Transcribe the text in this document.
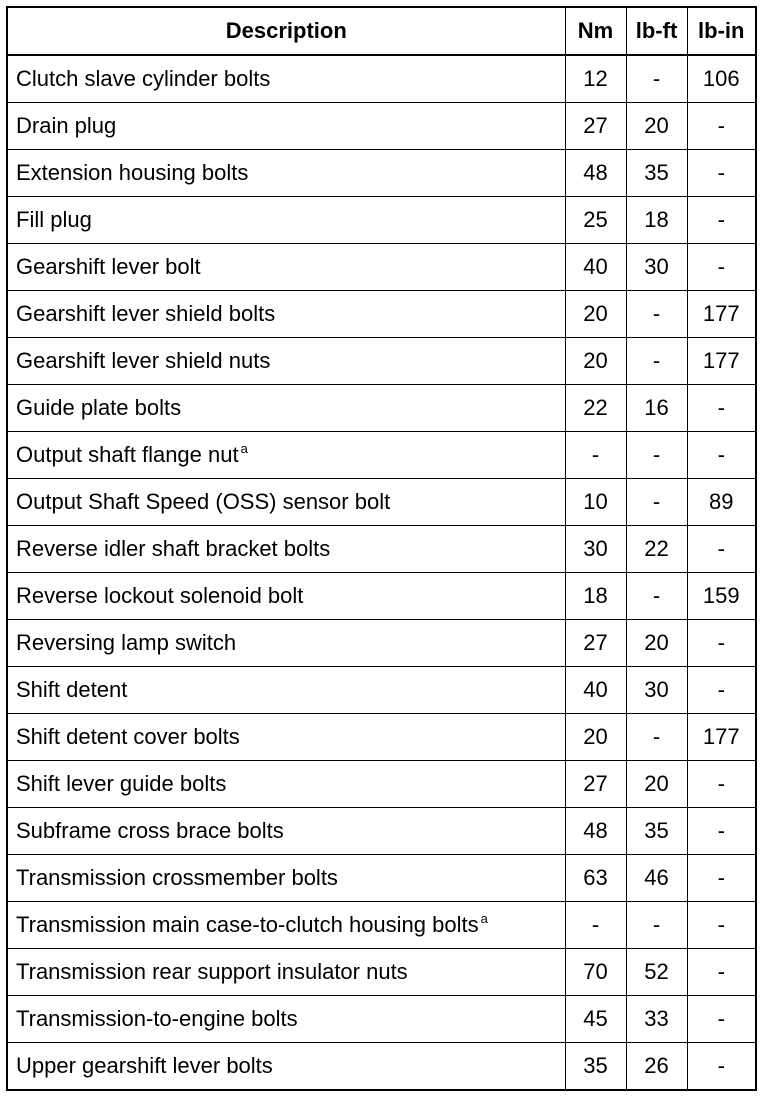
Description	Nm	lb-ft	lb-in
Clutch slave cylinder bolts	12	-	106
Drain plug	27	20	-
Extension housing bolts	48	35	-
Fill plug	25	18	-
Gearshift lever bolt	40	30	-
Gearshift lever shield bolts	20	-	177
Gearshift lever shield nuts	20	-	177
Guide plate bolts	22	16	-
Output shaft flange nut $^a$	-	-	-
Output Shaft Speed (OSS) sensor bolt	10	-	89
Reverse idler shaft bracket bolts	30	22	-
Reverse lockout solenoid bolt	18	-	159
Reversing lamp switch	27	20	-
Shift detent	40	30	-
Shift detent cover bolts	20	-	177
Shift lever guide bolts	27	20	-
Subframe cross brace bolts	48	35	-
Transmission crossmember bolts	63	46	-
Transmission main case-to-clutch housing bolts $^a$	-	-	-
Transmission rear support insulator nuts	70	52	-
Transmission-to-engine bolts	45	33	-
Upper gearshift lever bolts	35	26	-
